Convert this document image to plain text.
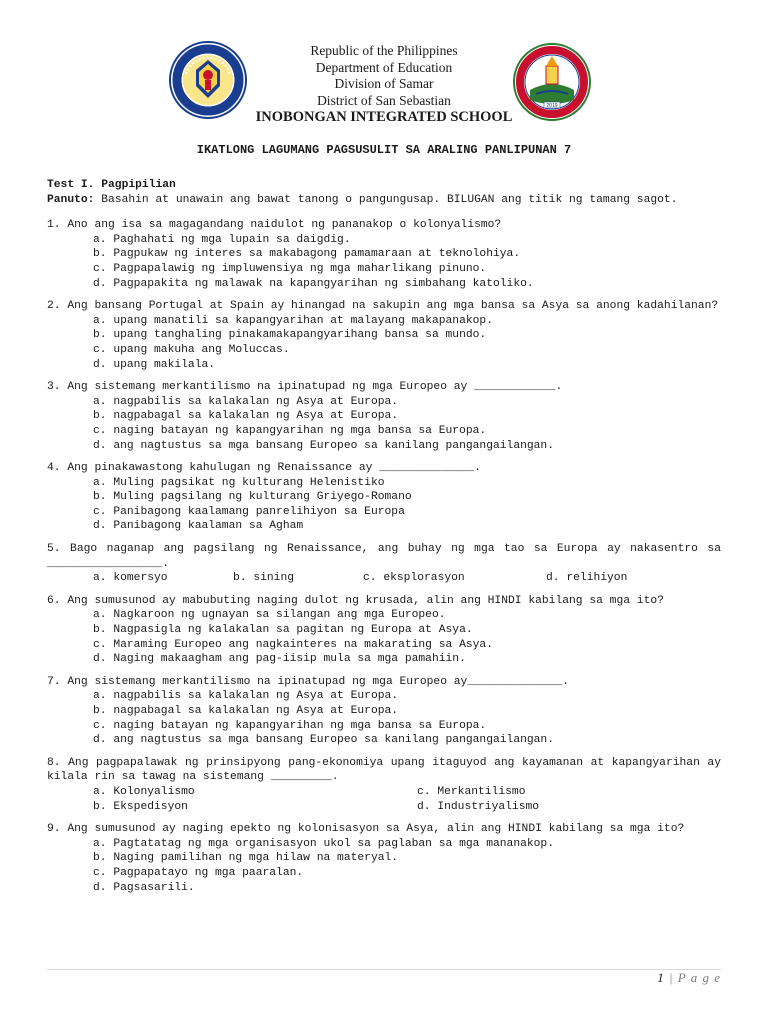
Republic of the Philippines
Department of Education
Division of Samar
District of San Sebastian
INOBONGAN INTEGRATED SCHOOL
2019
IKATLONG LAGUMANG PAGSUSULIT SA ARALING PANLIPUNAN 7

Test I. Pagpipilian

Panuto: Basahin at unawain ang bawat tanong o pangungusap. BILUGAN ang titik ng tamang sagot.

1. Ano ang isa sa magagandang naidulot ng pananakop o kolonyalismo?

a. Paghahati ng mga lupain sa daigdig.
b. Pagpukaw ng interes sa makabagong pamamaraan at teknolohiya.
c. Pagpapalawig ng impluwensiya ng mga maharlikang pinuno.
d. Pagpapakita ng malawak na kapangyarihan ng simbahang katoliko.

2. Ang bansang Portugal at Spain ay hinangad na sakupin ang mga bansa sa Asya sa anong kadahilanan?

a. upang manatili sa kapangyarihan at malayang makapanakop.
b. upang tanghaling pinakamakapangyarihang bansa sa mundo.
c. upang makuha ang Moluccas.
d. upang makilala.

3. Ang sistemang merkantilismo na ipinatupad ng mga Europeo ay ____________.

a. nagpabilis sa kalakalan ng Asya at Europa.
b. nagpabagal sa kalakalan ng Asya at Europa.
c. naging batayan ng kapangyarihan ng mga bansa sa Europa.
d. ang nagtustus sa mga bansang Europeo sa kanilang pangangailangan.

4. Ang pinakawastong kahulugan ng Renaissance ay ______________.

a. Muling pagsikat ng kulturang Helenistiko
b. Muling pagsilang ng kulturang Griyego-Romano
c. Panibagong kaalamang panrelihiyon sa Europa
d. Panibagong kaalaman sa Agham

5. Bago naganap ang pagsilang ng Renaissance, ang buhay ng mga tao sa Europa ay nakasentro sa _________________.

a. komersyo	b. sining	c. eksplorasyon	d. relihiyon

6. Ang sumusunod ay mabubuting naging dulot ng krusada, alin ang HINDI kabilang sa mga ito?

a. Nagkaroon ng ugnayan sa silangan ang mga Europeo.
b. Nagpasigla ng kalakalan sa pagitan ng Europa at Asya.
c. Maraming Europeo ang nagkainteres na makarating sa Asya.
d. Naging makaagham ang pag-iisip mula sa mga pamahiin.

7. Ang sistemang merkantilismo na ipinatupad ng mga Europeo ay______________.

a. nagpabilis sa kalakalan ng Asya at Europa.
b. nagpabagal sa kalakalan ng Asya at Europa.
c. naging batayan ng kapangyarihan ng mga bansa sa Europa.
d. ang nagtustus sa mga bansang Europeo sa kanilang pangangailangan.

8. Ang pagpapalawak ng prinsipyong pang-ekonomiya upang itaguyod ang kayamanan at kapangyarihan ay kilala rin sa tawag na sistemang _________.

a. Kolonyalismo	c. Merkantilismo
b. Ekspedisyon	d. Industriyalismo

9. Ang sumusunod ay naging epekto ng kolonisasyon sa Asya, alin ang HINDI kabilang sa mga ito?

a. Pagtatatag ng mga organisasyon ukol sa paglaban sa mga mananakop.
b. Naging pamilihan ng mga hilaw na materyal.
c. Pagpapatayo ng mga paaralan.
d. Pagsasarili.
1 | P a g e
